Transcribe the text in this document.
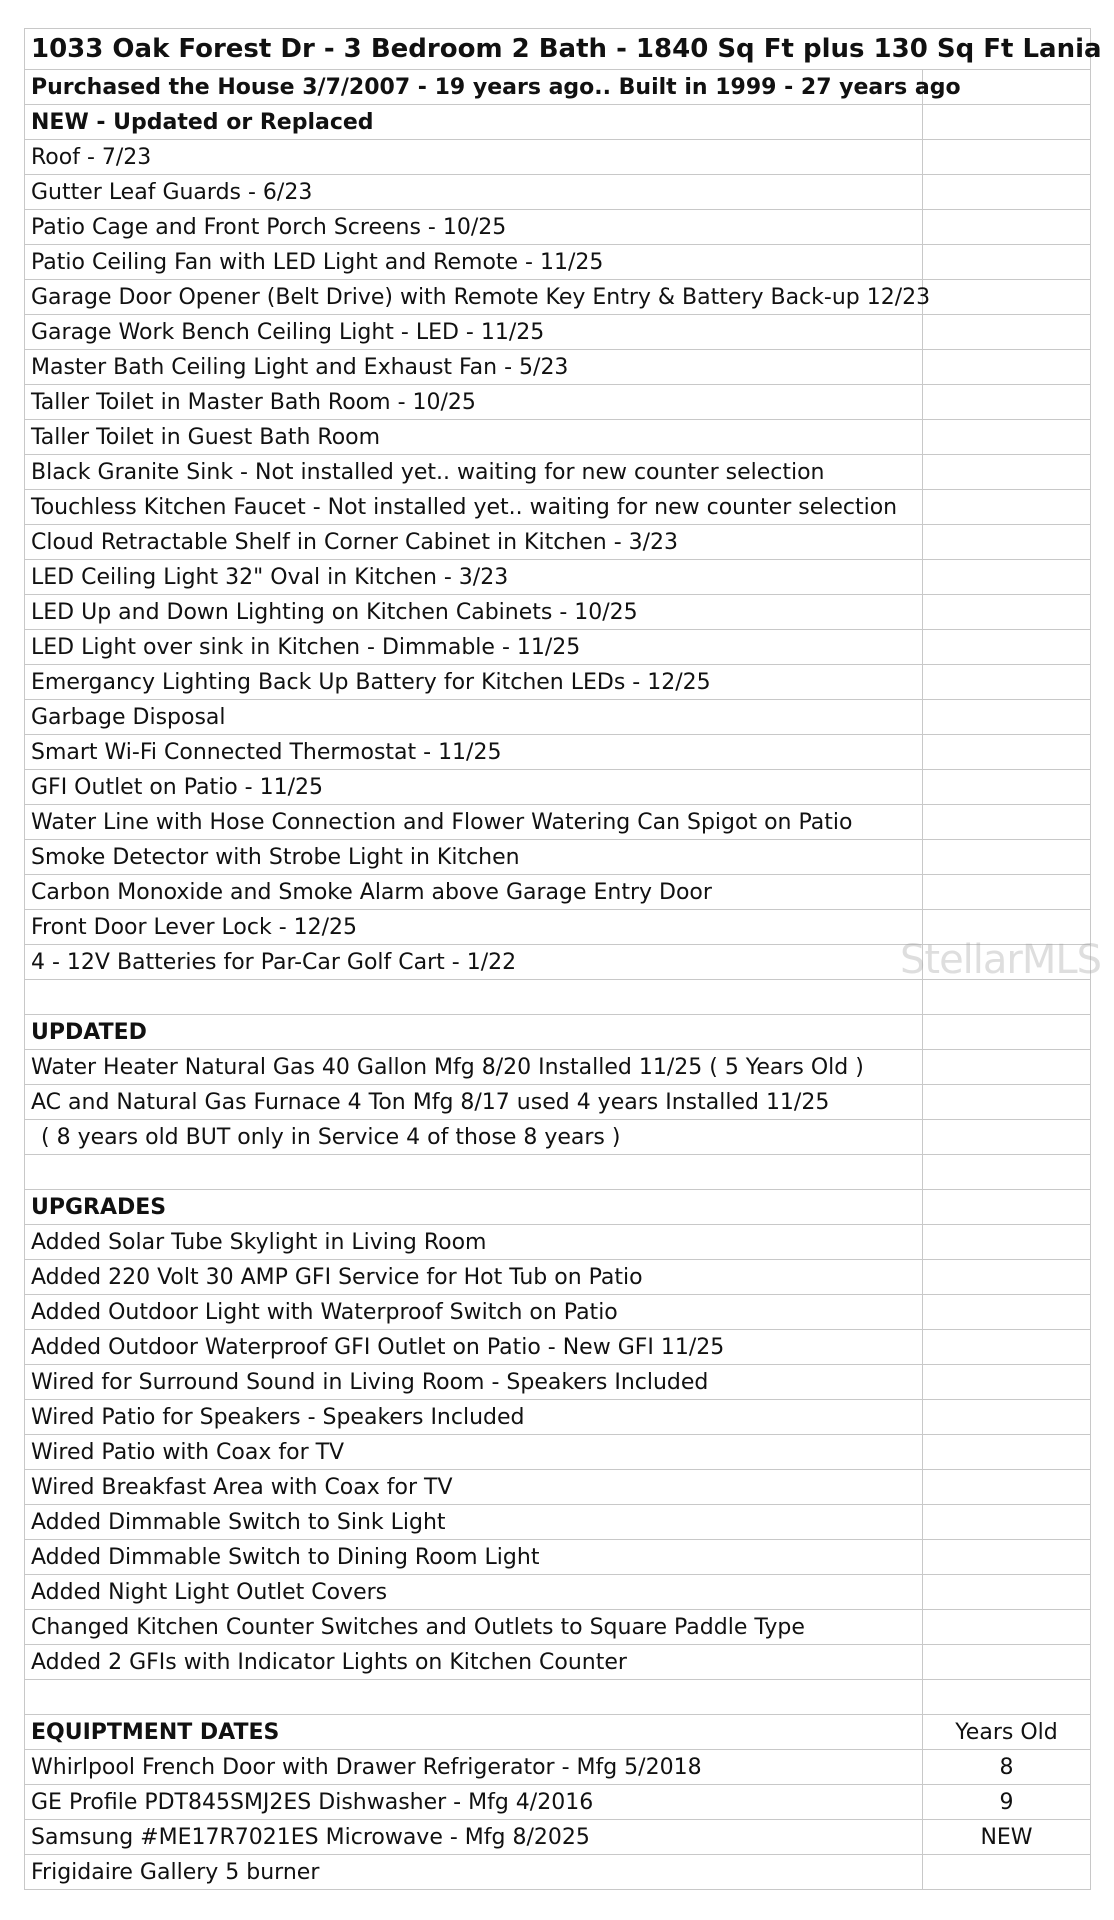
1033 Oak Forest Dr - 3 Bedroom 2 Bath - 1840 Sq Ft plus 130 Sq Ft Lania	
Purchased the House 3/7/2007 - 19 years ago.. Built in 1999 - 27 years ago	
NEW - Updated or Replaced	
Roof - 7/23	
Gutter Leaf Guards - 6/23	
Patio Cage and Front Porch Screens - 10/25	
Patio Ceiling Fan with LED Light and Remote - 11/25	
Garage Door Opener (Belt Drive) with Remote Key Entry & Battery Back-up 12/23	
Garage Work Bench Ceiling Light - LED - 11/25	
Master Bath Ceiling Light and Exhaust Fan - 5/23	
Taller Toilet in Master Bath Room - 10/25	
Taller Toilet in Guest Bath Room	
Black Granite Sink - Not installed yet.. waiting for new counter selection	
Touchless Kitchen Faucet - Not installed yet.. waiting for new counter selection	
Cloud Retractable Shelf in Corner Cabinet in Kitchen - 3/23	
LED Ceiling Light 32" Oval in Kitchen - 3/23	
LED Up and Down Lighting on Kitchen Cabinets - 10/25	
LED Light over sink in Kitchen - Dimmable - 11/25	
Emergancy Lighting Back Up Battery for Kitchen LEDs - 12/25	
Garbage Disposal	
Smart Wi-Fi Connected Thermostat - 11/25	
GFI Outlet on Patio - 11/25	
Water Line with Hose Connection and Flower Watering Can Spigot on Patio	
Smoke Detector with Strobe Light in Kitchen	
Carbon Monoxide and Smoke Alarm above Garage Entry Door	
Front Door Lever Lock - 12/25	
4 - 12V Batteries for Par-Car Golf Cart - 1/22	

UPDATED	
Water Heater Natural Gas 40 Gallon Mfg 8/20 Installed 11/25 ( 5 Years Old )	
AC and Natural Gas Furnace 4 Ton Mfg 8/17 used 4 years Installed 11/25	
( 8 years old BUT only in Service 4 of those 8 years )	

UPGRADES	
Added Solar Tube Skylight in Living Room	
Added 220 Volt 30 AMP GFI Service for Hot Tub on Patio	
Added Outdoor Light with Waterproof Switch on Patio	
Added Outdoor Waterproof GFI Outlet on Patio - New GFI 11/25	
Wired for Surround Sound in Living Room - Speakers Included	
Wired Patio for Speakers - Speakers Included	
Wired Patio with Coax for TV	
Wired Breakfast Area with Coax for TV	
Added Dimmable Switch to Sink Light	
Added Dimmable Switch to Dining Room Light	
Added Night Light Outlet Covers	
Changed Kitchen Counter Switches and Outlets to Square Paddle Type	
Added 2 GFIs with Indicator Lights on Kitchen Counter	

EQUIPTMENT DATES	Years Old
Whirlpool French Door with Drawer Refrigerator - Mfg 5/2018	8
GE Profile PDT845SMJ2ES Dishwasher - Mfg 4/2016	9
Samsung #ME17R7021ES Microwave - Mfg 8/2025	NEW
Frigidaire Gallery 5 burner	
StellarMLS
